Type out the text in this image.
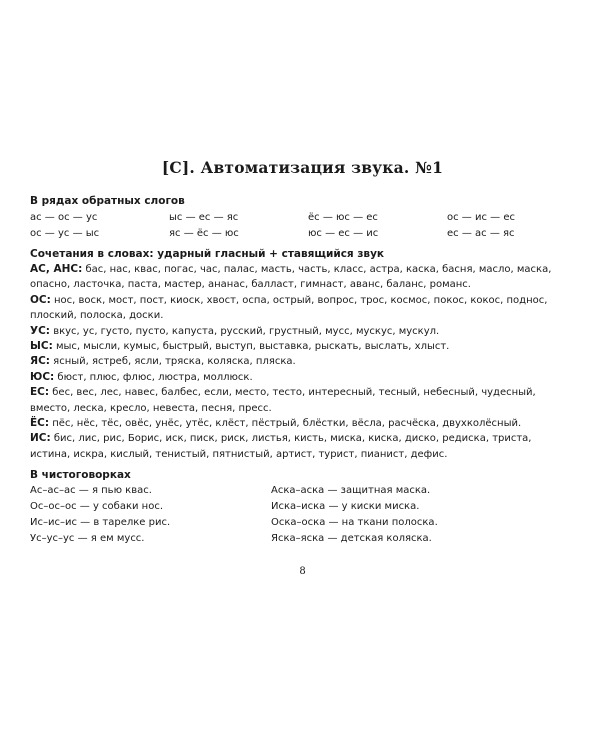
[С]. Автоматизация звука. №1
В рядах обратных слогов
ас — ос — ус	ыс — ес — яс	ёс — юс — ес	ос — ис — ес
ос — ус — ыс	яс — ёс — юс	юс — ес — ис	ес — ас — яс
Сочетания в словах: ударный гласный + ставящийся звук

АС, АНС: бас, нас, квас, погас, час, палас, масть, часть, класс, астра, каска, басня, масло, маска,

опасно, ласточка, паста, мастер, ананас, балласт, гимнаст, аванс, баланс, романс.

ОС: нос, воск, мост, пост, киоск, хвост, оспа, острый, вопрос, трос, космос, покос, кокос, поднос,

плоский, полоска, доски.

УС: вкус, ус, густо, пусто, капуста, русский, грустный, мусс, мускус, мускул.

ЫС: мыс, мысли, кумыс, быстрый, выступ, выставка, рыскать, выслать, хлыст.

ЯС: ясный, ястреб, ясли, тряска, коляска, пляска.

ЮС: бюст, плюс, флюс, люстра, моллюск.

ЕС: бес, вес, лес, навес, балбес, если, место, тесто, интересный, тесный, небесный, чудесный,

вместо, леска, кресло, невеста, песня, пресс.

ЁС: пёс, нёс, тёс, овёс, унёс, утёс, клёст, пёстрый, блёстки, вёсла, расчёска, двухколёсный.

ИС: бис, лис, рис, Борис, иск, писк, риск, листья, кисть, миска, киска, диско, редиска, триста,

истина, искра, кислый, тенистый, пятнистый, артист, турист, пианист, дефис.

В чистоговорках
Ас–ас–ас — я пью квас.	Аска–аска — защитная маска.
Ос–ос–ос — у собаки нос.	Иска–иска — у киски миска.
Ис–ис–ис — в тарелке рис.	Оска–оска — на ткани полоска.
Ус–ус–ус — я ем мусс.	Яска–яска — детская коляска.
8
